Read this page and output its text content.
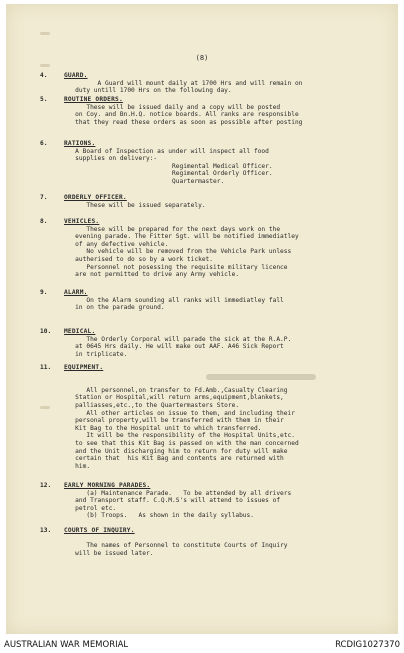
(8)
4.	GUARD.
A Guard will mount daily at 1700 Hrs and will remain on
duty untill 1700 Hrs on the following day.
5.	ROUTINE ORDERS.
These will be issued daily and a copy will be posted
on Coy. and Bn.H.Q. notice boards. All ranks are responsible
that they read these orders as soon as possible after posting
6.	RATIONS.
A Board of Inspection as under will inspect all food
supplies on delivery:-
Regimental Medical Officer.
Regimental Orderly Officer.
Quartermaster.
7.	ORDERLY OFFICER.
These will be issued separately.
8.	VEHICLES.
These will be prepared for the next days work on the
evening parade. The Fitter Sgt. will be notified immediatley
of any defective vehicle.
No vehicle will be removed from the Vehicle Park unless
autherised to do so by a work ticket.
Personnel not posessing the requisite military licence
are not permitted to drive any Army vehicle.
9.	ALARM.
On the Alarm sounding all ranks will immediatley fall
in on the parade ground.
10. MEDICAL.
The Orderly Corporal will parade the sick at the R.A.P.
at 0645 Hrs daily. He will make out AAF. A46 Sick Report
in triplicate.
11. EQUIPMENT.

All personnel,on transfer to Fd.Amb.,Casualty Clearing
Station or Hospital,will return arms,equipment,blankets,
palliasses,etc.,to the Quartermasters Store.
All other articles on issue to them, and including their
personal property,will be transferred with them in their
Kit Bag to the Hospital unit to which transferred.
It will be the responsibility of the Hospital Units,etc.
to see that this Kit Bag is passed on with the man concerned
and the Unit discharging him to return for duty will make
certain that  his Kit Bag and contents are returned with
him.
12. EARLY MORNING PARADES.
(a) Maintenance Parade.   To be attended by all drivers
and Transport staff. C.Q.M.S's will attend to issues of
petrol etc.
(b) Troops.   As shown in the daily syllabus.
13. COURTS OF INQUIRY.

The names of Personnel to constitute Courts of Inquiry
will be issued later.
AUSTRALIAN WAR MEMORIAL	RCDIG1027370
